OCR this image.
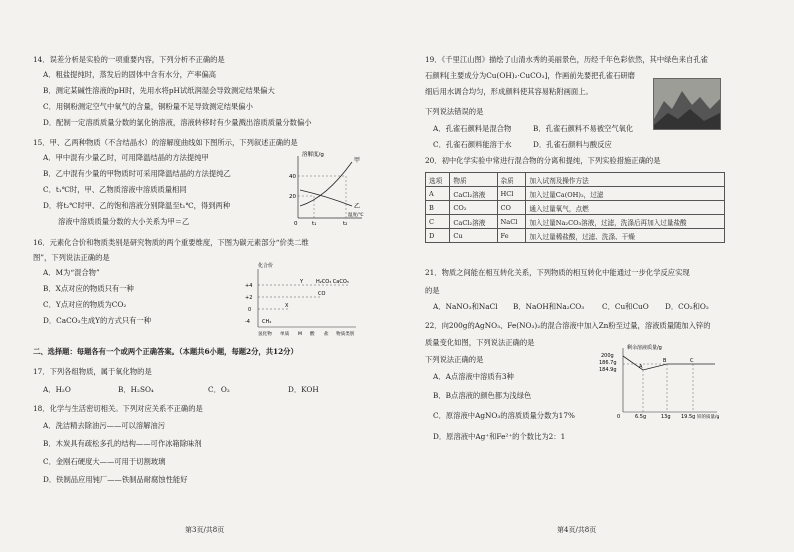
14．误差分析是实验的一项重要内容，下列分析不正确的是
A．粗盐提纯时，蒸发后的固体中含有水分，产率偏高
B．测定某碱性溶液的pH时，先用水将pH试纸润湿会导致测定结果偏大
C．用铜粉测定空气中氧气的含量，铜粉量不足导致测定结果偏小
D．配制一定溶质质量分数的氯化钠溶液，溶液转移时有少量溅出溶质质量分数偏小
15．甲、乙两种物质（不含结晶水）的溶解度曲线如下图所示，下列叙述正确的是
A．甲中混有少量乙时，可用降温结晶的方法提纯甲
B．乙中混有少量的甲物质时可采用降温结晶的方法提纯乙
C．t₁℃时，甲、乙物质溶液中溶质质量相同
D．将t₂℃时甲、乙的饱和溶液分别降温至t₁℃，得到两种
溶液中溶质质量分数的大小关系为甲＝乙
溶解度/g
甲
乙
40
20
0	t₁	t₂
温度/℃
16．元素化合价和物质类别是研究物质的两个重要维度，下图为碳元素部分“价类二维
图”，下列说法正确的是
A．M为“混合物”
B．X点对应的物质只有一种
C．Y点对应的物质为CO₂
D．CaCO₃生成Y的方式只有一种
化合价
+4
+2
0
-4
Y	H₂CO₃ CaCO₃
CO
X
CH₄
氢化物 单质 M 酸 盐 物质类别
二、选择题：每题各有一个或两个正确答案。（本题共6小题，每题2分，共12分）
17．下列各组物质，属于氧化物的是
A．H₂O	B．H₂SO₄	C．O₂	D．KOH
18．化学与生活密切相关。下列对应关系不正确的是
A．洗洁精去除油污——可以溶解油污
B．木炭具有疏松多孔的结构——可作冰箱除味剂
C．金刚石硬度大——可用于切割玻璃
D．铁制品应用钝厂——铁制品耐腐蚀性能好
第3页/共8页
19．《千里江山图》描绘了山清水秀的美丽景色，历经千年色彩依然，其中绿色来自孔雀
石颜料[主要成分为Cu(OH)₂·CuCO₃]，作画前先要把孔雀石研磨
细后用水调合均匀，形成颜料使其容易粘附画面上。
下列说法错误的是
A．孔雀石颜料是混合物	B．孔雀石颜料不易被空气氧化
C．孔雀石颜料能溶于水	D．孔雀石颜料与酸反应
20．初中化学实验中常进行混合物的分离和提纯，下列实验措施正确的是
选项	物质	杂质	加入试剂及操作方法
A	CaCl₂溶液	HCl	加入过量Ca(OH)₂，过滤
B	CO₂	CO	通入过量氧气，点燃
C	CaCl₂溶液	NaCl	加入过量Na₂CO₃溶液，过滤，洗涤后再加入过量盐酸
D	Cu	Fe	加入过量稀盐酸，过滤、洗涤、干燥
21．物质之间能在相互转化关系，下列物质的相互转化中能通过一步化学反应实现
的是
A．NaNO₃和NaCl B．NaOH和Na₂CO₃ C．Cu和CuO D．CO₂和O₂
22．向200g的AgNO₃、Fe(NO₃)₂的混合溶液中加入Zn粉至过量，溶液质量随加入锌的
质量变化如图，下列说法正确的是
下列说法正确的是
A．A点溶液中溶质有3种
B．B点溶液的颜色都为浅绿色
C．原溶液中AgNO₃的溶质质量分数为17%
D．原溶液中Ag⁺和Fe²⁺的个数比为2：1
剩余溶液质量/g
200g
186.7g
184.9g	A
B	C
0	6.5g	13g 19.5g 锌的质量/g
第4页/共8页
